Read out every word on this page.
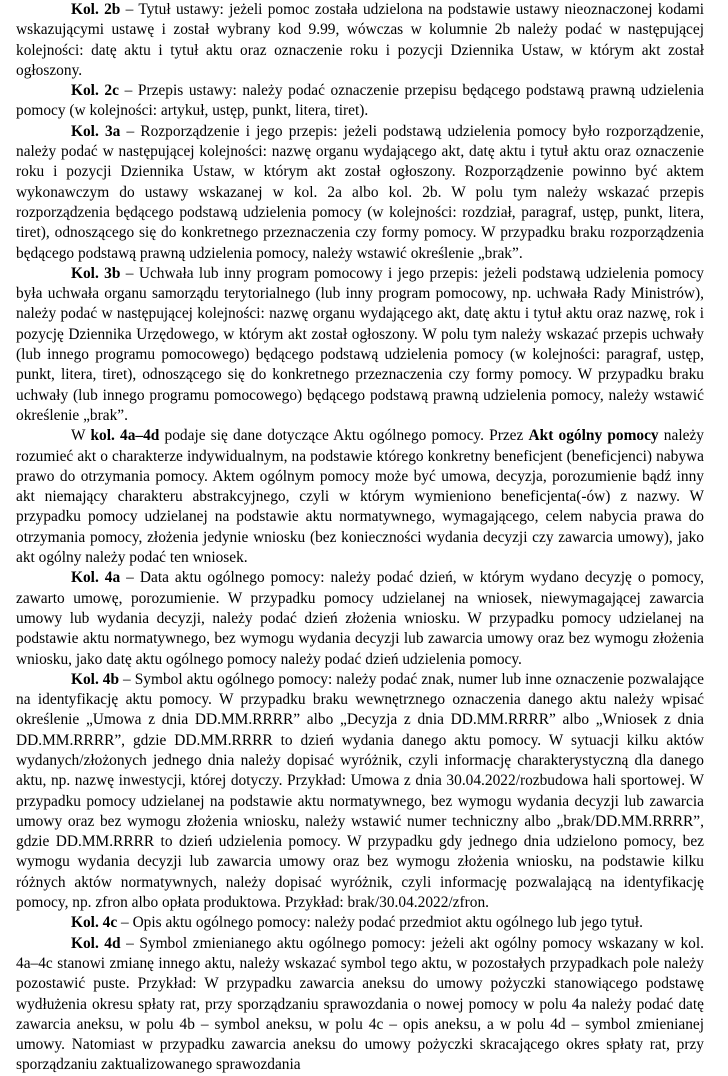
Kol. 2b – Tytuł ustawy: jeżeli pomoc została udzielona na podstawie ustawy nieoznaczonej kodami wskazującymi ustawę i został wybrany kod 9.99, wówczas w kolumnie 2b należy podać w następującej kolejności: datę aktu i tytuł aktu oraz oznaczenie roku i pozycji Dziennika Ustaw, w którym akt został ogłoszony.

Kol. 2c – Przepis ustawy: należy podać oznaczenie przepisu będącego podstawą prawną udzielenia pomocy (w kolejności: artykuł, ustęp, punkt, litera, tiret).

Kol. 3a – Rozporządzenie i jego przepis: jeżeli podstawą udzielenia pomocy było rozporządzenie, należy podać w następującej kolejności: nazwę organu wydającego akt, datę aktu i tytuł aktu oraz oznaczenie roku i pozycji Dziennika Ustaw, w którym akt został ogłoszony. Rozporządzenie powinno być aktem wykonawczym do ustawy wskazanej w kol. 2a albo kol. 2b. W polu tym należy wskazać przepis rozporządzenia będącego podstawą udzielenia pomocy (w kolejności: rozdział, paragraf, ustęp, punkt, litera, tiret), odnoszącego się do konkretnego przeznaczenia czy formy pomocy. W przypadku braku rozporządzenia będącego podstawą prawną udzielenia pomocy, należy wstawić określenie „brak”.

Kol. 3b – Uchwała lub inny program pomocowy i jego przepis: jeżeli podstawą udzielenia pomocy była uchwała organu samorządu terytorialnego (lub inny program pomocowy, np. uchwała Rady Ministrów), należy podać w następującej kolejności: nazwę organu wydającego akt, datę aktu i tytuł aktu oraz nazwę, rok i pozycję Dziennika Urzędowego, w którym akt został ogłoszony. W polu tym należy wskazać przepis uchwały (lub innego programu pomocowego) będącego podstawą udzielenia pomocy (w kolejności: paragraf, ustęp, punkt, litera, tiret), odnoszącego się do konkretnego przeznaczenia czy formy pomocy. W przypadku braku uchwały (lub innego programu pomocowego) będącego podstawą prawną udzielenia pomocy, należy wstawić określenie „brak”.

W kol. 4a–4d podaje się dane dotyczące Aktu ogólnego pomocy. Przez Akt ogólny pomocy należy rozumieć akt o charakterze indywidualnym, na podstawie którego konkretny beneficjent (beneficjenci) nabywa prawo do otrzymania pomocy. Aktem ogólnym pomocy może być umowa, decyzja, porozumienie bądź inny akt niemający charakteru abstrakcyjnego, czyli w którym wymieniono beneficjenta(-ów) z nazwy. W przypadku pomocy udzielanej na podstawie aktu normatywnego, wymagającego, celem nabycia prawa do otrzymania pomocy, złożenia jedynie wniosku (bez konieczności wydania decyzji czy zawarcia umowy), jako akt ogólny należy podać ten wniosek.

Kol. 4a – Data aktu ogólnego pomocy: należy podać dzień, w którym wydano decyzję o pomocy, zawarto umowę, porozumienie. W przypadku pomocy udzielanej na wniosek, niewymagającej zawarcia umowy lub wydania decyzji, należy podać dzień złożenia wniosku. W przypadku pomocy udzielanej na podstawie aktu normatywnego, bez wymogu wydania decyzji lub zawarcia umowy oraz bez wymogu złożenia wniosku, jako datę aktu ogólnego pomocy należy podać dzień udzielenia pomocy.

Kol. 4b – Symbol aktu ogólnego pomocy: należy podać znak, numer lub inne oznaczenie pozwalające na identyfikację aktu pomocy. W przypadku braku wewnętrznego oznaczenia danego aktu należy wpisać określenie „Umowa z dnia DD.MM.RRRR” albo „Decyzja z dnia DD.MM.RRRR” albo „Wniosek z dnia DD.MM.RRRR”, gdzie DD.MM.RRRR to dzień wydania danego aktu pomocy. W sytuacji kilku aktów wydanych/złożonych jednego dnia należy dopisać wyróżnik, czyli informację charakterystyczną dla danego aktu, np. nazwę inwestycji, której dotyczy. Przykład: Umowa z dnia 30.04.2022/rozbudowa hali sportowej. W przypadku pomocy udzielanej na podstawie aktu normatywnego, bez wymogu wydania decyzji lub zawarcia umowy oraz bez wymogu złożenia wniosku, należy wstawić numer techniczny albo „brak/DD.MM.RRRR”, gdzie DD.MM.RRRR to dzień udzielenia pomocy. W przypadku gdy jednego dnia udzielono pomocy, bez wymogu wydania decyzji lub zawarcia umowy oraz bez wymogu złożenia wniosku, na podstawie kilku różnych aktów normatywnych, należy dopisać wyróżnik, czyli informację pozwalającą na identyfikację pomocy, np. zfron albo opłata produktowa. Przykład: brak/30.04.2022/zfron.

Kol. 4c – Opis aktu ogólnego pomocy: należy podać przedmiot aktu ogólnego lub jego tytuł.

Kol. 4d – Symbol zmienianego aktu ogólnego pomocy: jeżeli akt ogólny pomocy wskazany w kol. 4a–4c stanowi zmianę innego aktu, należy wskazać symbol tego aktu, w pozostałych przypadkach pole należy pozostawić puste. Przykład: W przypadku zawarcia aneksu do umowy pożyczki stanowiącego podstawę wydłużenia okresu spłaty rat, przy sporządzaniu sprawozdania o nowej pomocy w polu 4a należy podać datę zawarcia aneksu, w polu 4b – symbol aneksu, w polu 4c – opis aneksu, a w polu 4d – symbol zmienianej umowy. Natomiast w przypadku zawarcia aneksu do umowy pożyczki skracającego okres spłaty rat, przy sporządzaniu zaktualizowanego sprawozdania
